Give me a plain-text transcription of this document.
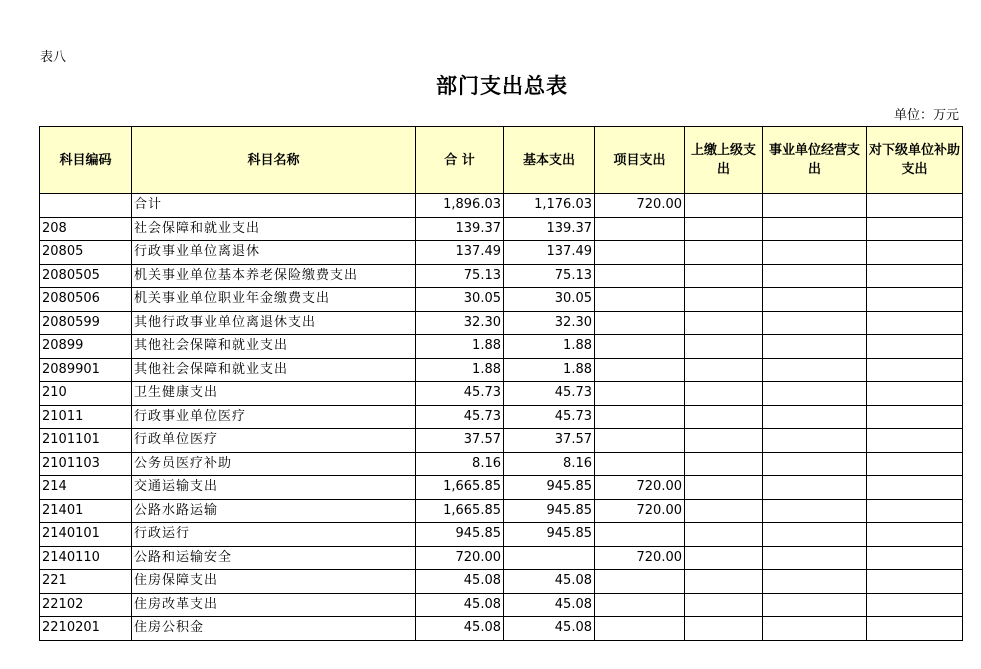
表八
部门支出总表
单位：万元
科目编码	科目名称	合 计	基本支出	项目支出	上缴上级支出	事业单位经营支出	对下级单位补助支出
	合计	1,896.03	1,176.03	720.00			
208	社会保障和就业支出	139.37	139.37				
20805	行政事业单位离退休	137.49	137.49				
2080505	机关事业单位基本养老保险缴费支出	75.13	75.13				
2080506	机关事业单位职业年金缴费支出	30.05	30.05				
2080599	其他行政事业单位离退休支出	32.30	32.30				
20899	其他社会保障和就业支出	1.88	1.88				
2089901	其他社会保障和就业支出	1.88	1.88				
210	卫生健康支出	45.73	45.73				
21011	行政事业单位医疗	45.73	45.73				
2101101	行政单位医疗	37.57	37.57				
2101103	公务员医疗补助	8.16	8.16				
214	交通运输支出	1,665.85	945.85	720.00			
21401	公路水路运输	1,665.85	945.85	720.00			
2140101	行政运行	945.85	945.85				
2140110	公路和运输安全	720.00		720.00			
221	住房保障支出	45.08	45.08				
22102	住房改革支出	45.08	45.08				
2210201	住房公积金	45.08	45.08				
